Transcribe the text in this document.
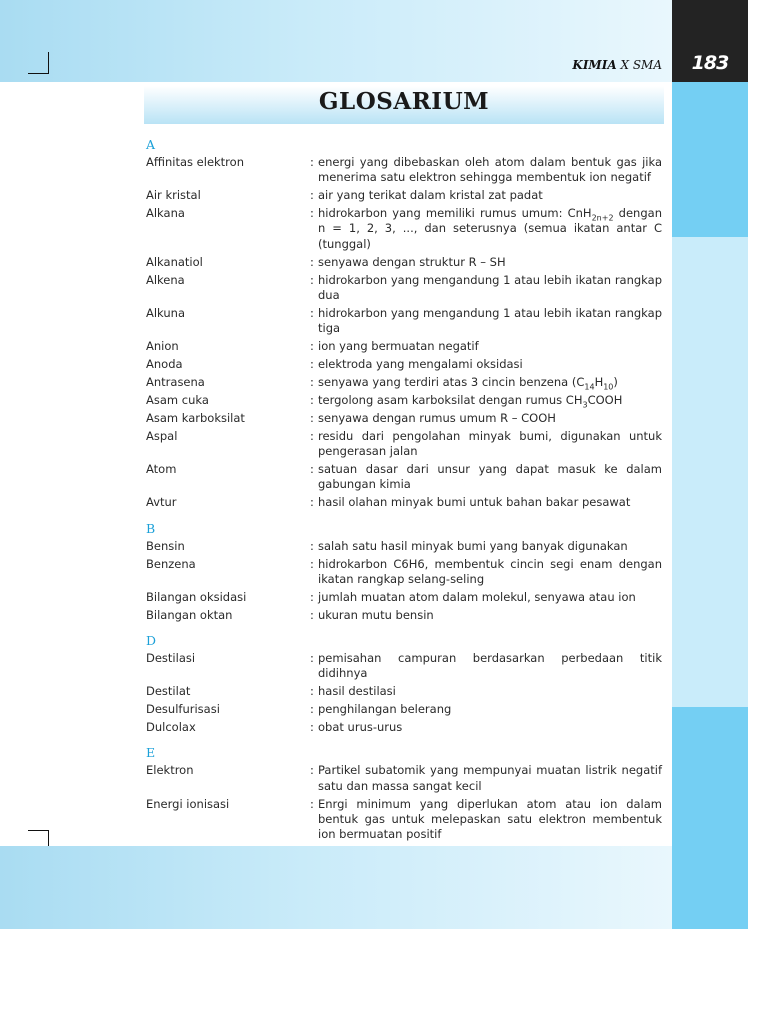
183
KIMIA X SMA
GLOSARIUM
A
Affinitas elektron	: energi yang dibebaskan oleh atom dalam bentuk gas jika menerima satu elektron sehingga membentuk ion negatif
Air kristal	: air yang terikat dalam kristal zat padat
Alkana	: hidrokarbon yang memiliki rumus umum: CnH$_{2n+2}$ dengan n = 1, 2, 3, ..., dan seterusnya (semua ikatan antar C (tunggal)
Alkanatiol	: senyawa dengan struktur R – SH
Alkena	: hidrokarbon yang mengandung 1 atau lebih ikatan rangkap dua
Alkuna	: hidrokarbon yang mengandung 1 atau lebih ikatan rangkap tiga
Anion	: ion yang bermuatan negatif
Anoda	: elektroda yang mengalami oksidasi
Antrasena	: senyawa yang terdiri atas 3 cincin benzena $(C_{14}H_{10})$
Asam cuka	: tergolong asam karboksilat dengan rumus $CH_3COOH$
Asam karboksilat	: senyawa dengan rumus umum R – COOH
Aspal	: residu dari pengolahan minyak bumi, digunakan untuk pengerasan jalan
Atom	: satuan dasar dari unsur yang dapat masuk ke dalam gabungan kimia
Avtur	: hasil olahan minyak bumi untuk bahan bakar pesawat
B
Bensin	: salah satu hasil minyak bumi yang banyak digunakan
Benzena	: hidrokarbon C6H6, membentuk cincin segi enam dengan ikatan rangkap selang-seling
Bilangan oksidasi	: jumlah muatan atom dalam molekul, senyawa atau ion
Bilangan oktan	: ukuran mutu bensin
D
Destilasi	: pemisahan campuran berdasarkan perbedaan titik didihnya
Destilat	: hasil destilasi
Desulfurisasi	: penghilangan belerang
Dulcolax	: obat urus-urus
E
Elektron	: Partikel subatomik yang mempunyai muatan listrik negatif satu dan massa sangat kecil
Energi ionisasi	: Enrgi minimum yang diperlukan atom atau ion dalam bentuk gas untuk melepaskan satu elektron membentuk ion bermuatan positif
